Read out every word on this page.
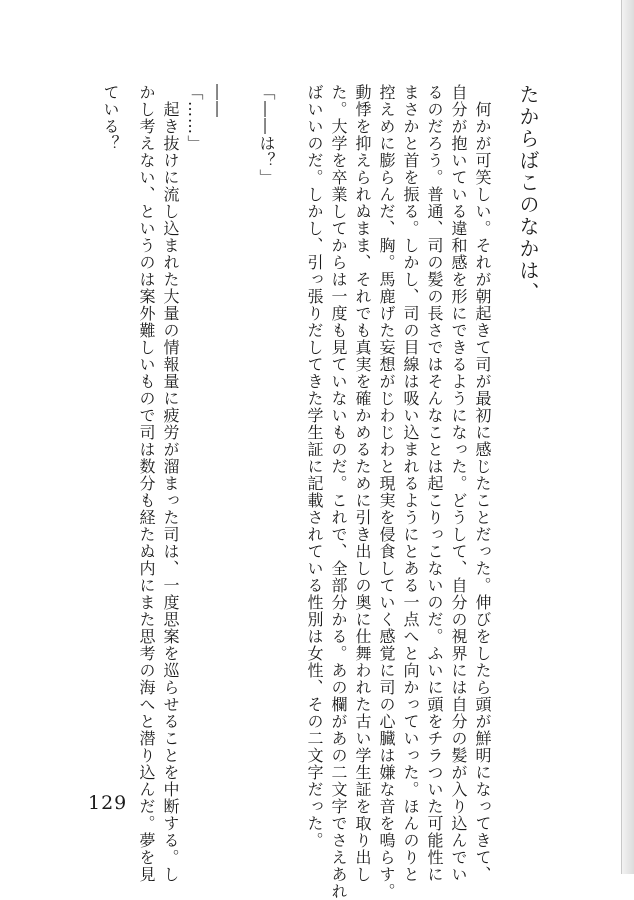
たからばこのなかは、
　何かが可笑しい。それが朝起きて司が最初に感じたことだった。伸びをしたら頭が鮮明になってきて、
自分が抱いている違和感を形にできるようになった。どうして、自分の視界には自分の髪が入り込んでい
るのだろう。普通、司の髪の長さではそんなことは起こりっこないのだ。ふいに頭をチラついた可能性に
まさかと首を振る。しかし、司の目線は吸い込まれるようにとある一点へと向かっていった。ほんのりと
控えめに膨らんだ、胸。馬鹿げた妄想がじわじわと現実を侵食していく感覚に司の心臓は嫌な音を鳴らす。
動悸を抑えられぬまま、それでも真実を確かめるために引き出しの奥に仕舞われた古い学生証を取り出し
た。大学を卒業してからは一度も見ていないものだ。これで、全部分かる。あの欄があの二文字でさえあれ
ばいいのだ。しかし、引っ張りだしてきた学生証に記載されている性別は女性、その二文字だった。
「――は？」
――
「……」
　起き抜けに流し込まれた大量の情報量に疲労が溜まった司は、一度思案を巡らせることを中断する。し
かし考えない、というのは案外難しいもので司は数分も経たぬ内にまた思考の海へと潜り込んだ。夢を見
ている？
129
